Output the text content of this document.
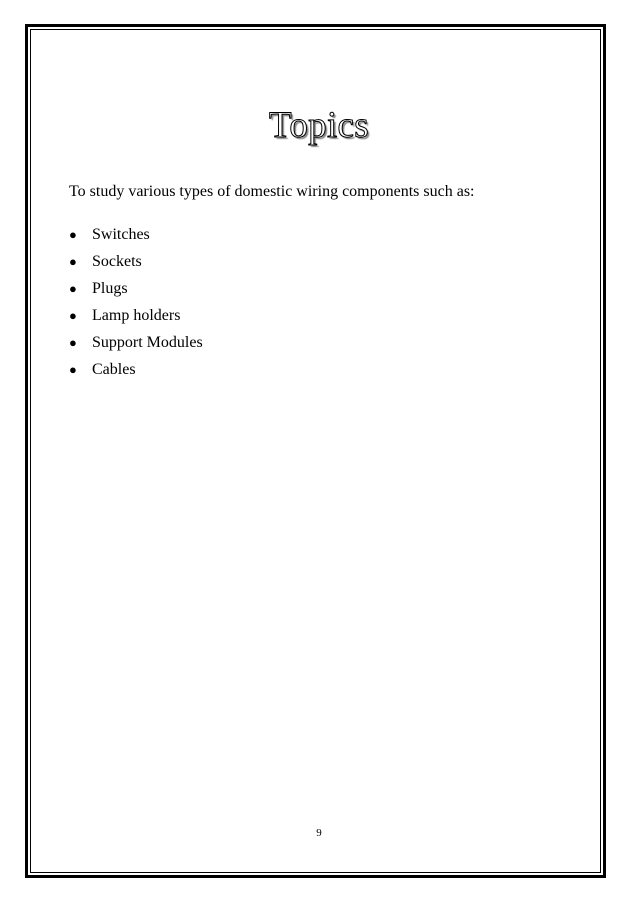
Topics
To study various types of domestic wiring components such as:
● Switches
● Sockets
● Plugs
● Lamp holders
● Support Modules
● Cables
9
